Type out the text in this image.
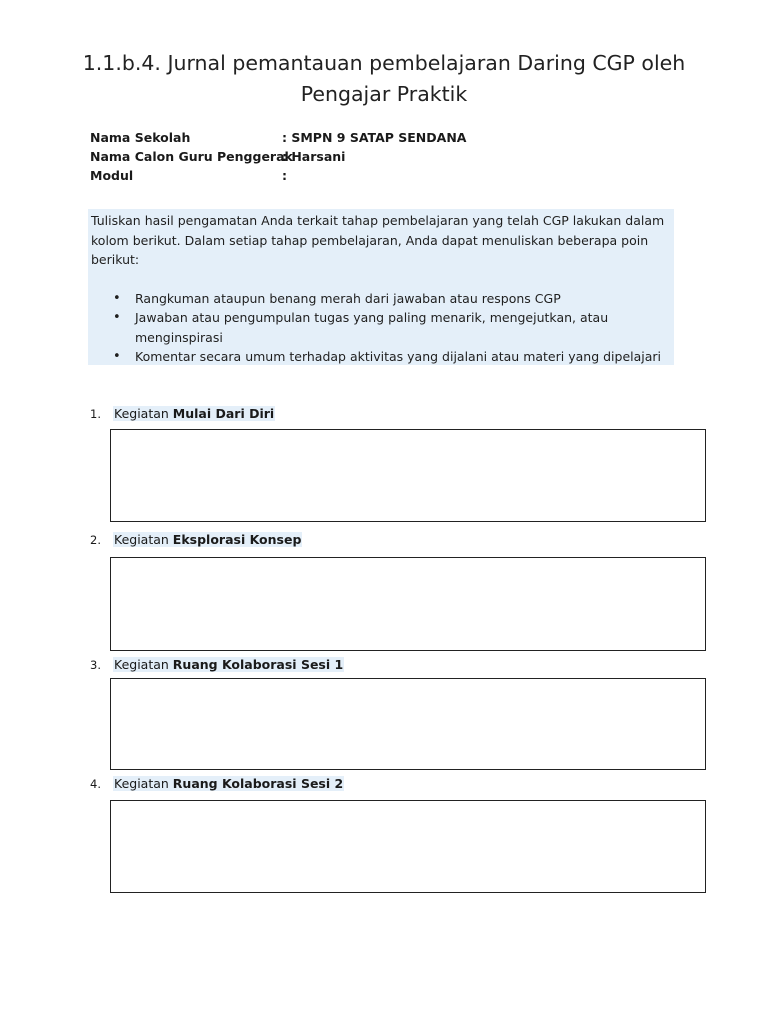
1.1.b.4. Jurnal pemantauan pembelajaran Daring CGP oleh
Pengajar Praktik
Nama Sekolah	: SMPN 9 SATAP SENDANA
Nama Calon Guru Penggerak
: Harsani
Modul	:

Tuliskan hasil pengamatan Anda terkait tahap pembelajaran yang telah CGP lakukan dalam kolom berikut. Dalam setiap tahap pembelajaran, Anda dapat menuliskan beberapa poin berikut:

• Rangkuman ataupun benang merah dari jawaban atau respons CGP
• Jawaban atau pengumpulan tugas yang paling menarik, mengejutkan, atau menginspirasi
• Komentar secara umum terhadap aktivitas yang dijalani atau materi yang dipelajari
1. Kegiatan Mulai Dari Diri
2. Kegiatan Eksplorasi Konsep
3. Kegiatan Ruang Kolaborasi Sesi 1
4. Kegiatan Ruang Kolaborasi Sesi 2
